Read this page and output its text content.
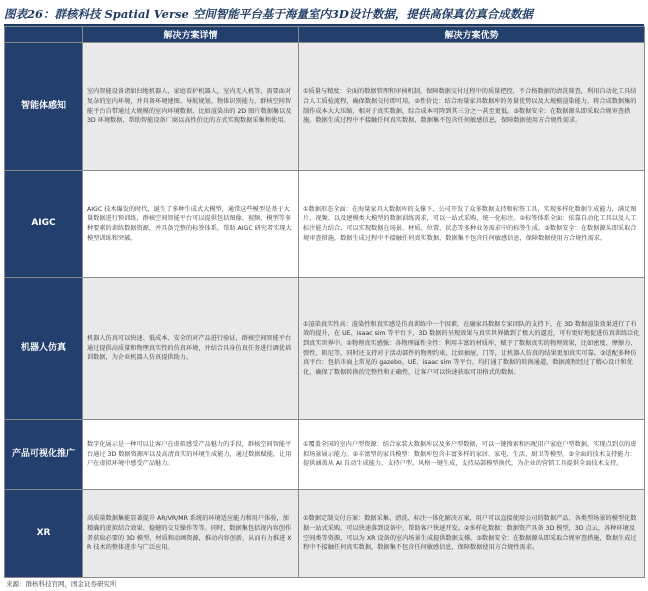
图表26：群核科技 Spatial Verse 空间智能平台基于海量室内3D设计数据，提供高保真仿真合成数据
	解决方案详情	解决方案优势
智能体感知	室内智能设备诸如扫地机器人，家庭看护机器人，室内无人机等，需要面对复杂的室内环境，并具备环境建图、导航规划、物体识别能力，群核空间智能平台自带通过大规模的室内环境数据，比如渲染出的 2D 图片数据集以及 3D 环境数据，帮助智能设备厂商以高性价比的方式实现数据采集和使用。	①质量与精度：全面的数据管理和审核机制，保障数据交付过程中的质量把控，不合格数据的清洗筛查，利用自动化工具结合人工质检流程，确保数据交付即可用。②性价比：结合海量家具数据库的务量优势以及大规模渲染能力，将合成数据集的制作成本大大压缩，相对于真实数据，综合成本可降到其三分之一甚至更低。③数据安全：在数据源头即采取合规审查措施，数据生成过程中不接触任何真实数据，数据集不包含任何敏感信息，保障数据使用方合规性需求。
AIGC	AIGC 技术爆发的时代，诞生了多种生成式大模型，通常这些模型是基于大量数据进行预训练，群核空间智能平台可以提供包括图像、视频、模型等多种要素的训练数据资源，并具备完整的标签体系，帮助 AIGC 研究者实现大模型训练和突破。	①数据形态全面：在海量家具大数据库的支撑下，公司开发了众多数据支持和标签工具，实现多样化数据生成能力，满足图片、视频、以及建模类大模型的数据训练需求，可以一站式采购，统一化标注。②标签体系全面：依靠自动化工具以及人工标注能力结合，可以实现数据在场景、材质、位置、状态等多种业务需求中的标签生成。③数据安全：在数据源头即采取合规审查措施，数据生成过程中不接触任何真实数据，数据集不包含任何敏感信息，保障数据使用方合规性需求。
机器人仿真	机器人仿真可以快速、低成本、安全的对产品进行验证，群核空间智能平台通过提供高质量和物理真实性的仿真环境，并结合具身仿真任务进行调优培训数据，为企业机器人仿真提供助力。	①渲染真实性高：渲染性和真实感是仿真训练中一个因素，在融家具数据专家团队的支持下，在 3D 数据渲染效果进行了有效的提升，在 UE、isaac sim 等平台下，3D 数据的呈现效果与真实世界做到了极大的逼近，可有更好地促进仿真训练泛化到真实世界中。②物理真实感强：各物理属性全性：利用丰富的材质库，赋予了数据真实的物理效果，比如密度、摩擦力、弹性、阻尼等，同时还支持对于活动部件的物理约束，比如抽屉、门等，让机器人仿真的结果更加真实可靠。③适配多种仿真平台：包括市面上常见的 gazebo、UE、isaac sim 等平台，均打通了数据的转换通道，数据流程经过了精心设计和优化，确保了数据转换的完整性和正确性，让客户可以快速获取可用格式的数据。
产品可视化推广	数字化展示是一种可以让客户在虚拟感受产品魅力的手段，群核空间智能平台通过 3D 数据资源库以及高清真实的环境生成能力，通过数据赋能，让用户在虚拟环境中感受产品魅力。	①覆盖全国的室内户型资源：结合家装大数据库以及多户型数据，可以一键搜索和匹配用户家庭户型数据，实现点到点的虚拟场景展示能力。②丰富型的家具模型：数据库包含丰富多样的家居、家电、生活、厨卫等模型。③全面的技术支持能力：提供涵盖从 AI 自动生成能力、支持户型、风格一键生成，支持局部模型换代，为企业的营销工具提供全面技术支持。
XR	高质量数据集能显著提升 AR/VR/MR 系统的环境适应能力和用户体验，加精确的虚拟结合效果、稳健的交互操作等等。同时，数据集包括视内容创作者获取必要的 3D 模型、材质和动画资源，推动内容创新，从而有力推进 XR 技术的整体进步与广泛应用。	①数据定制交付方案：数据采集、清洗、标注一体化解决方案，用户可以直接使用公司的数据产品，各类型场景的模型化数据一站式采购，可以快速落到设备中，帮助客户快速开发。②多样化数据：数据资产具备 3D 模型，3D 点云，各种环境及空间类等资源，可以为 XR 设备的室内场景生成提供数据支撑。③数据安全：在数据源头即采取合规审查措施，数据生成过程中不接触任何真实数据，数据集不包含任何敏感信息，保障数据使用方合规性需求。
来源：群核科技官网，国金证券研究所
